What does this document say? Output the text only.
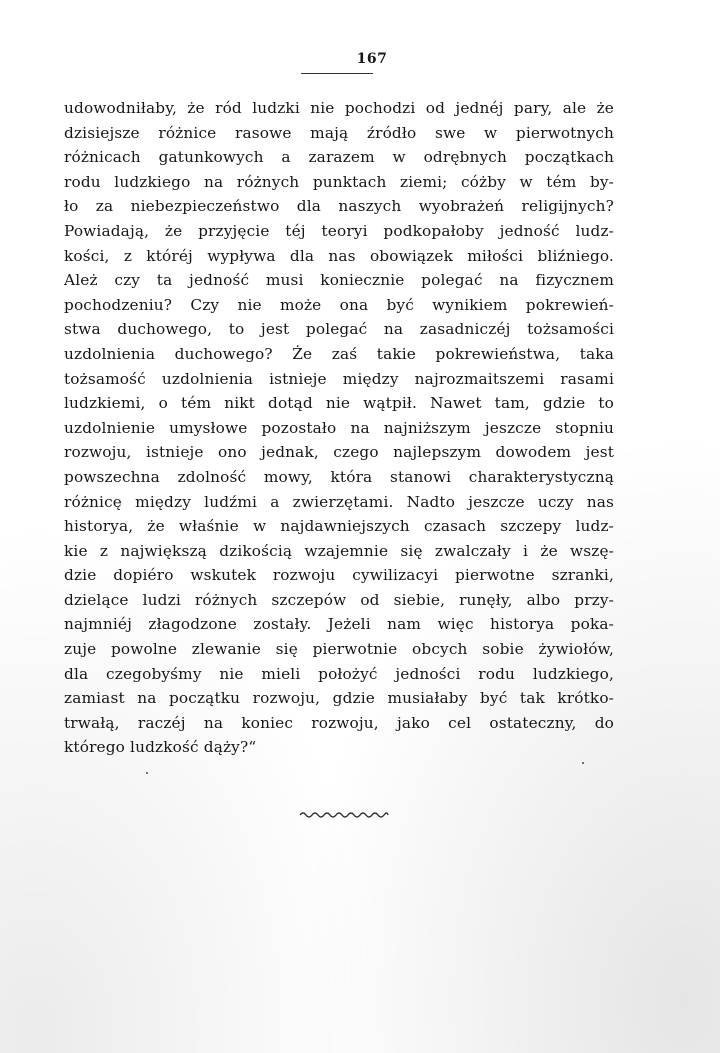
167
udowodniłaby, że ród ludzki nie pochodzi od jednéj pary, ale że
dzisiejsze różnice rasowe mają źródło swe w pierwotnych
różnicach gatunkowych a zarazem w odrębnych początkach
rodu ludzkiego na różnych punktach ziemi; cóżby w tém by-
ło za niebezpieczeństwo dla naszych wyobrażeń religijnych?
Powiadają, że przyjęcie téj teoryi podkopałoby jedność ludz-
kości, z któréj wypływa dla nas obowiązek miłości bliźniego.
Ależ czy ta jedność musi koniecznie polegać na fizycznem
pochodzeniu? Czy nie może ona być wynikiem pokrewień-
stwa duchowego, to jest polegać na zasadniczéj tożsamości
uzdolnienia duchowego? Że zaś takie pokrewieństwa, taka
tożsamość uzdolnienia istnieje między najrozmaitszemi rasami
ludzkiemi, o tém nikt dotąd nie wątpił. Nawet tam, gdzie to
uzdolnienie umysłowe pozostało na najniższym jeszcze stopniu
rozwoju, istnieje ono jednak, czego najlepszym dowodem jest
powszechna zdolność mowy, która stanowi charakterystyczną
różnicę między ludźmi a zwierzętami. Nadto jeszcze uczy nas
historya, że właśnie w najdawniejszych czasach szczepy ludz-
kie z największą dzikością wzajemnie się zwalczały i że wszę-
dzie dopiéro wskutek rozwoju cywilizacyi pierwotne szranki,
dzielące ludzi różnych szczepów od siebie, runęły, albo przy-
najmniéj złagodzone zostały. Jeżeli nam więc historya poka-
zuje powolne zlewanie się pierwotnie obcych sobie żywiołów,
dla czegobyśmy nie mieli położyć jedności rodu ludzkiego,
zamiast na początku rozwoju, gdzie musiałaby być tak krótko-
trwałą, raczéj na koniec rozwoju, jako cel ostateczny, do
którego ludzkość dąży?“
